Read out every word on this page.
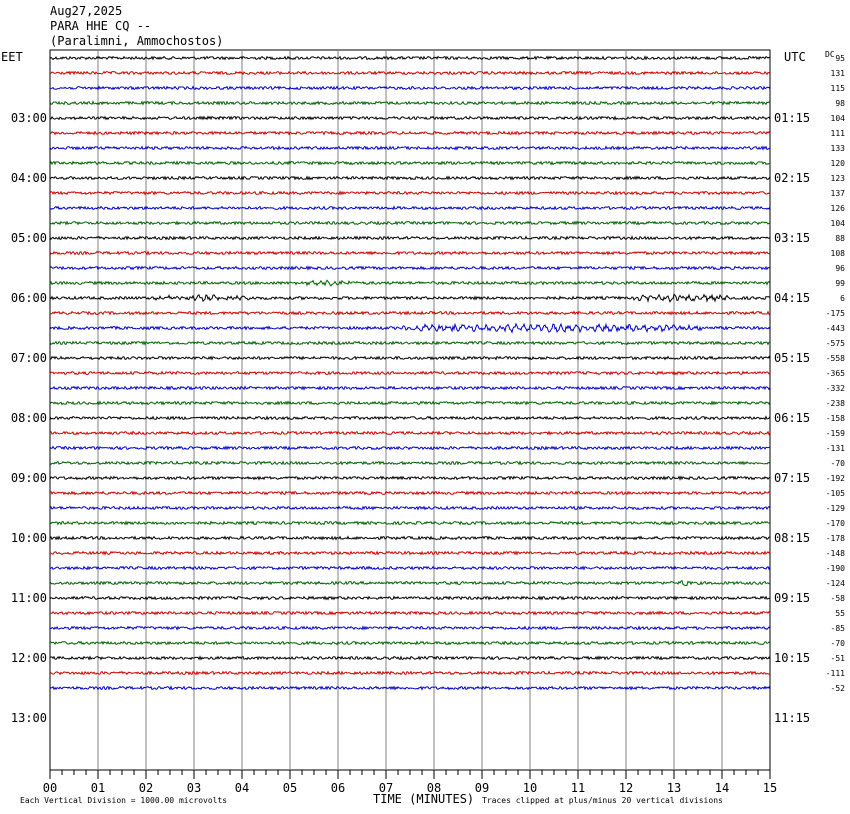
00	01	02	03	04	05	06	07	08	09	10	11	12	13	14	15
Aug27,2025
PARA HHE CQ --
(Paralimni, Ammochostos)
EET	UTC DC
03:00
04:00
05:00
06:00
07:00
08:00
09:00
10:00
11:00
12:00
13:00
01:15
02:15
03:15
04:15
05:15
06:15
07:15
08:15
09:15
10:15
11:15
95
131
115
98
104
111
133
120
123
137
126
104
88
108
96
99
6
-175
-443
-575
-558
-365
-332
-238
-158
-159
-131
-70
-192
-105
-129
-170
-178
-148
-190
-124
-58
55
-85
-70
-51
-111
-52
Each Vertical Division = 1000.00 microvolts	TIME (MINUTES) Traces clipped at plus/minus 20 vertical divisions
